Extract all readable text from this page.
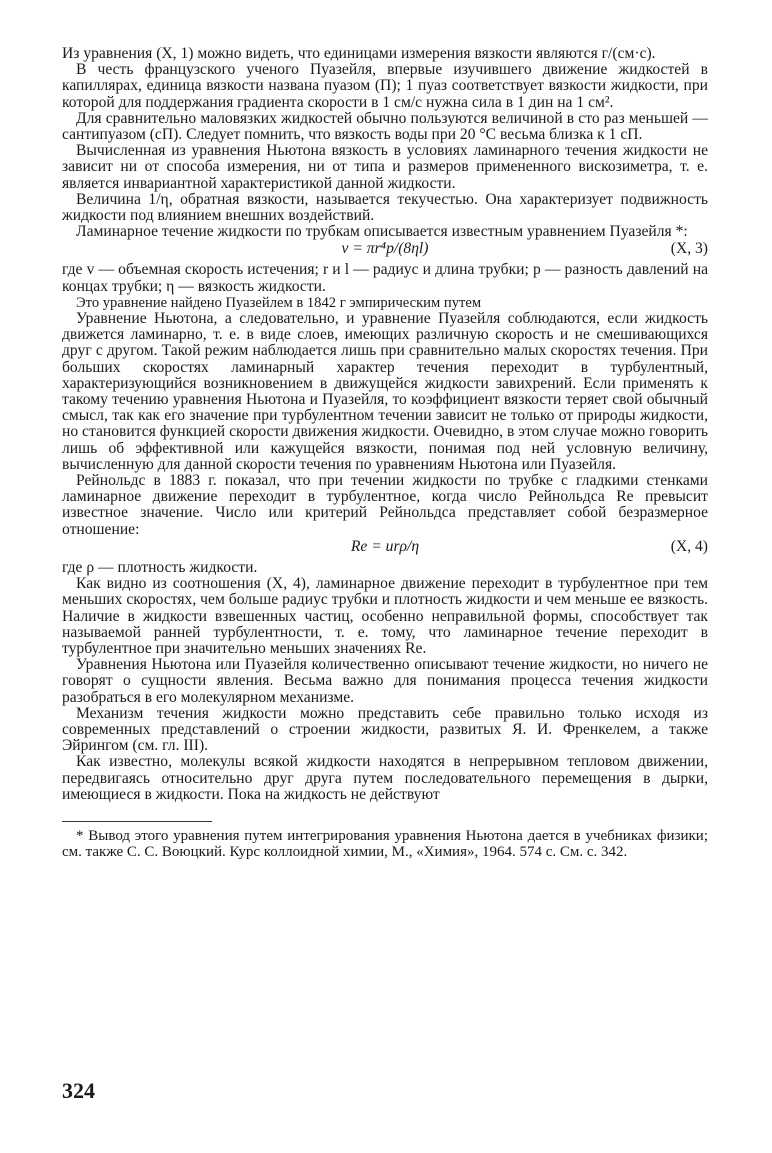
Из уравнения (X, 1) можно видеть, что единицами измерения вязкости являются г/(см·с).

В честь французского ученого Пуазейля, впервые изучившего движение жидкостей в капиллярах, единица вязкости названа пуазом (П); 1 пуаз соответствует вязкости жидкости, при которой для поддержания градиента скорости в 1 см/с нужна сила в 1 дин на 1 см².

Для сравнительно маловязких жидкостей обычно пользуются величиной в сто раз меньшей — сантипуазом (сП). Следует помнить, что вязкость воды при 20 °С весьма близка к 1 сП.

Вычисленная из уравнения Ньютона вязкость в условиях ламинарного течения жидкости не зависит ни от способа измерения, ни от типа и размеров примененного вискозиметра, т. е. является инвариантной характеристикой данной жидкости.

Величина 1/η, обратная вязкости, называется текучестью. Она характеризует подвижность жидкости под влиянием внешних воздействий.

Ламинарное течение жидкости по трубкам описывается известным уравнением Пуазейля *:

v = πr⁴p/(8ηl)	(X, 3)

где v — объемная скорость истечения; r и l — радиус и длина трубки; p — разность давлений на концах трубки; η — вязкость жидкости.

Это уравнение найдено Пуазейлем в 1842 г эмпирическим путем

Уравнение Ньютона, а следовательно, и уравнение Пуазейля соблюдаются, если жидкость движется ламинарно, т. е. в виде слоев, имеющих различную скорость и не смешивающихся друг с другом. Такой режим наблюдается лишь при сравнительно малых скоростях течения. При больших скоростях ламинарный характер течения переходит в турбулентный, характеризующийся возникновением в движущейся жидкости завихрений. Если применять к такому течению уравнения Ньютона и Пуазейля, то коэффициент вязкости теряет свой обычный смысл, так как его значение при турбулентном течении зависит не только от природы жидкости, но становится функцией скорости движения жидкости. Очевидно, в этом случае можно говорить лишь об эффективной или кажущейся вязкости, понимая под ней условную величину, вычисленную для данной скорости течения по уравнениям Ньютона или Пуазейля.

Рейнольдс в 1883 г. показал, что при течении жидкости по трубке с гладкими стенками ламинарное движение переходит в турбулентное, когда число Рейнольдса Re превысит известное значение. Число или критерий Рейнольдса представляет собой безразмерное отношение:

Re = urρ/η	(X, 4)

где ρ — плотность жидкости.

Как видно из соотношения (X, 4), ламинарное движение переходит в турбулентное при тем меньших скоростях, чем больше радиус трубки и плотность жидкости и чем меньше ее вязкость. Наличие в жидкости взвешенных частиц, особенно неправильной формы, способствует так называемой ранней турбулентности, т. е. тому, что ламинарное течение переходит в турбулентное при значительно меньших значениях Re.

Уравнения Ньютона или Пуазейля количественно описывают течение жидкости, но ничего не говорят о сущности явления. Весьма важно для понимания процесса течения жидкости разобраться в его молекулярном механизме.

Механизм течения жидкости можно представить себе правильно только исходя из современных представлений о строении жидкости, развитых Я. И. Френкелем, а также Эйрингом (см. гл. III).

Как известно, молекулы всякой жидкости находятся в непрерывном тепловом движении, передвигаясь относительно друг друга путем последовательного перемещения в дырки, имеющиеся в жидкости. Пока на жидкость не действуют

* Вывод этого уравнения путем интегрирования уравнения Ньютона дается в учебниках физики; см. также С. С. Воюцкий. Курс коллоидной химии, М., «Химия», 1964. 574 с. См. с. 342.

324
